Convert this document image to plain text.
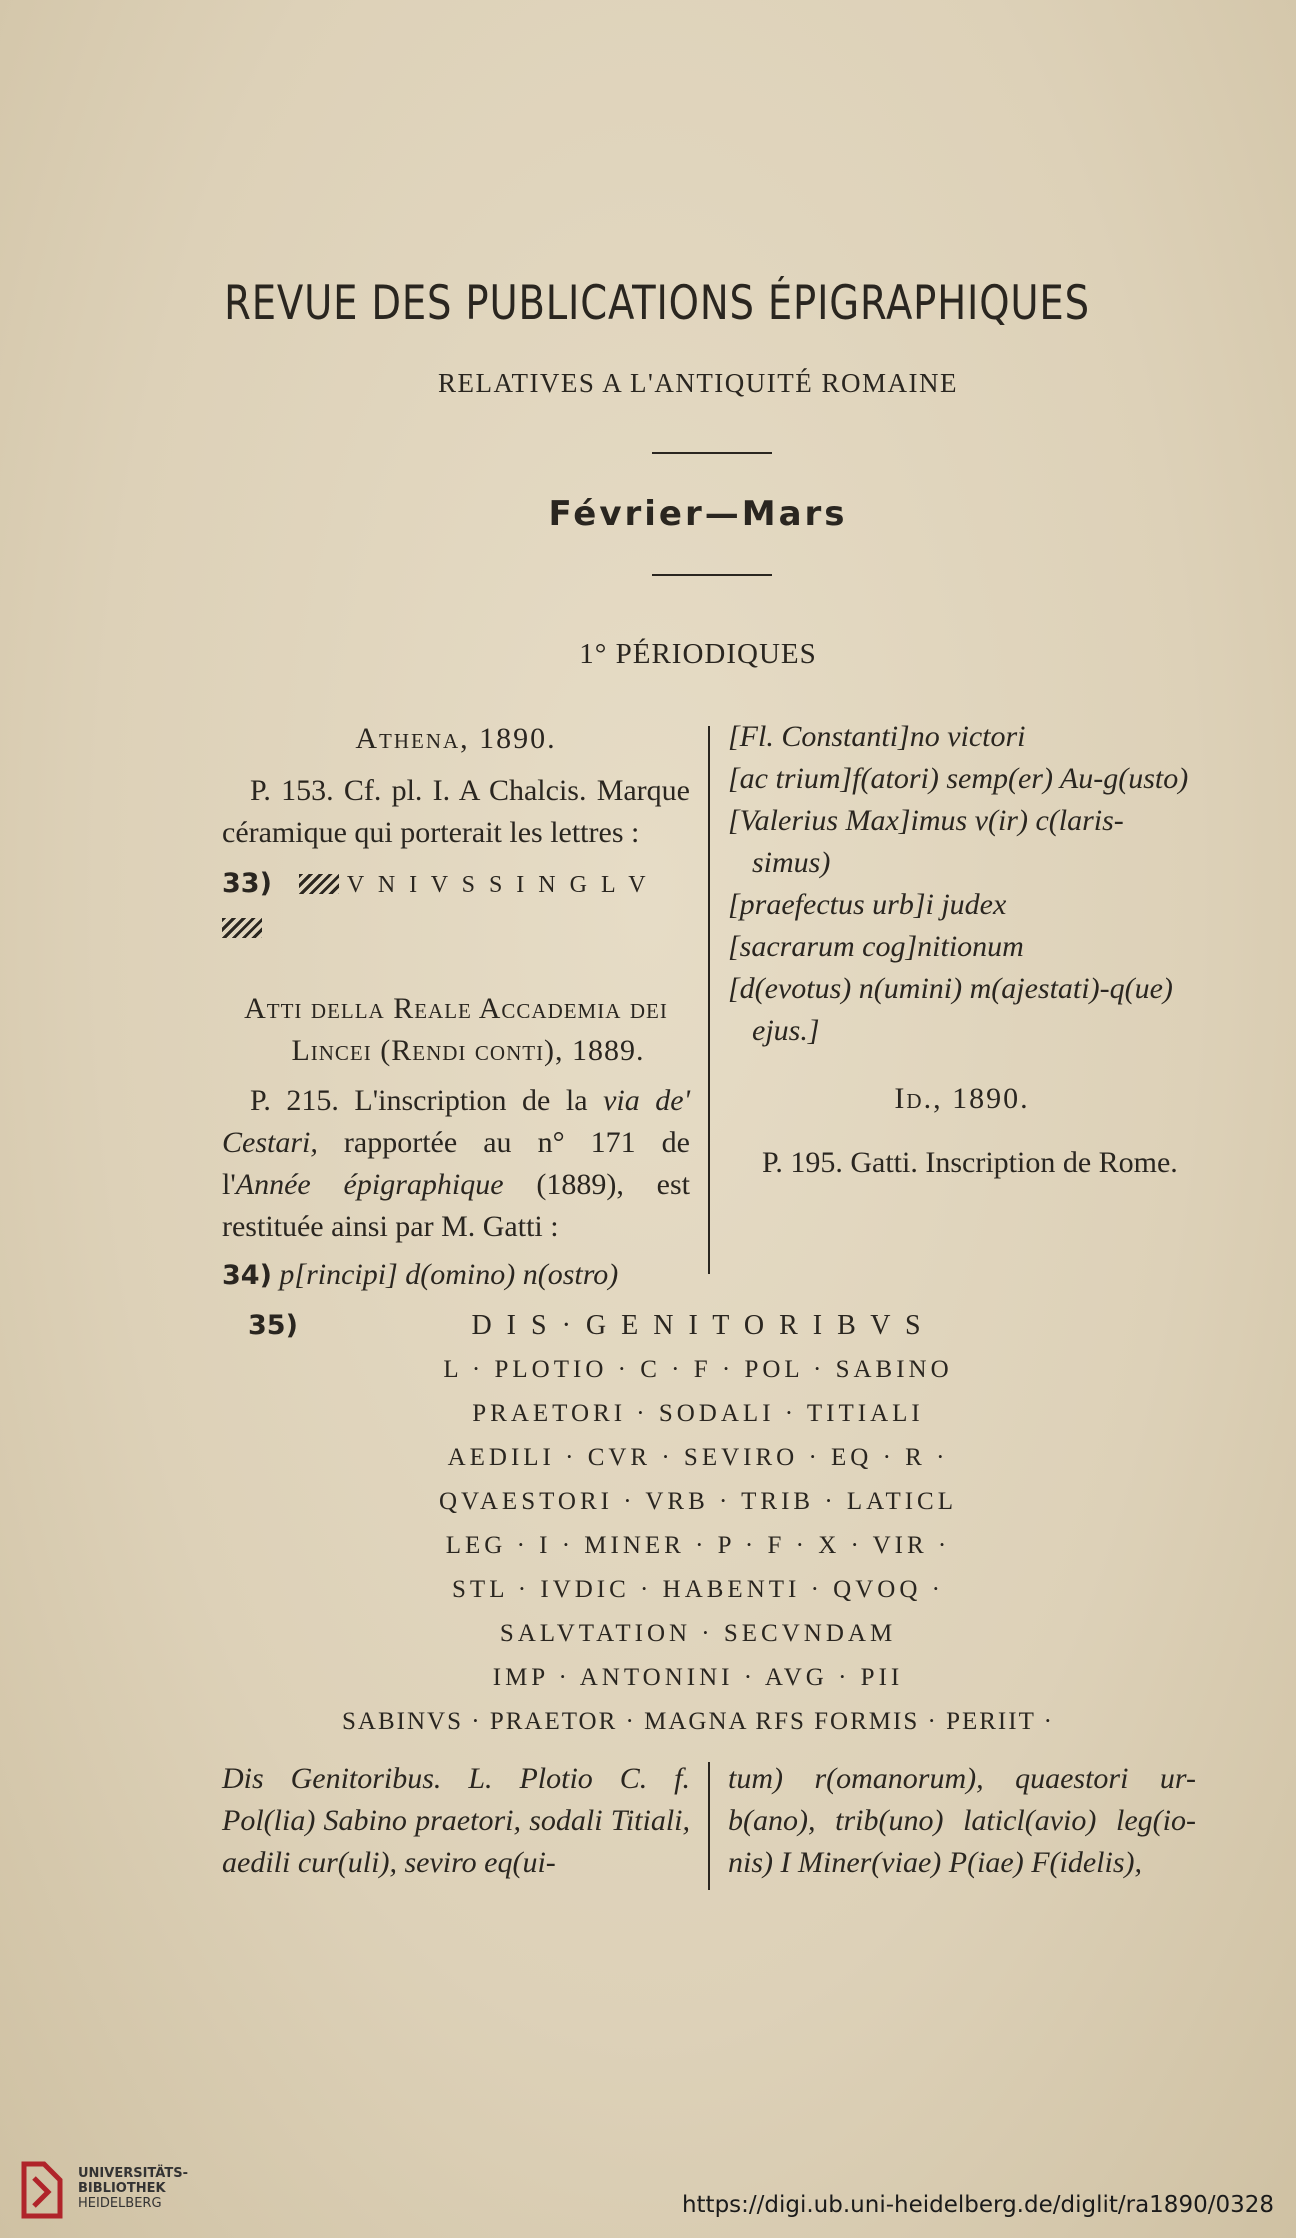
REVUE DES PUBLICATIONS ÉPIGRAPHIQUES
RELATIVES A L'ANTIQUITÉ ROMAINE
Février—Mars
1° PÉRIODIQUES
Athena, 1890.
P. 153. Cf. pl. I. A Chalcis. Marque céramique qui porterait les lettres :
33)	V N I V S S I N G L V
Atti della Reale Accademia dei Lincei (Rendi conti), 1889.
P. 215. L'inscription de la via de' Cestari, rapportée au n° 171 de l'Année épigraphique (1889), est restituée ainsi par M. Gatti :
34) p[rincipi] d(omino) n(ostro)
[Fl. Constanti]no victori
[ac trium]f(atori) semp(er) Au-g(usto)
[Valerius Max]imus v(ir) c(laris-simus)
[praefectus urb]i judex
[sacrarum cog]nitionum
[d(evotus) n(umini) m(ajestati)-q(ue) ejus.]
Id., 1890.
P. 195. Gatti. Inscription de Rome.
35)	D I S · G E N I T O R I B V S
L · PLOTIO · C · F · POL · SABINO
PRAETORI · SODALI · TITIALI
AEDILI · CVR · SEVIRO · EQ · R ·
QVAESTORI · VRB · TRIB · LATICL
LEG · I · MINER · P · F · X · VIR ·
STL · IVDIC · HABENTI · QVOQ ·
SALVTATION · SECVNDAM
IMP · ANTONINI · AVG · PII
SABINVS · PRAETOR · MAGNA RFS FORMIS · PERIIT ·
Dis Genitoribus. L. Plotio C. f. Pol(lia) Sabino praetori, sodali Titiali, aedili cur(uli), seviro eq(ui-
tum) r(omanorum), quaestori ur-b(ano), trib(uno) laticl(avio) leg(io-nis) I Miner(viae) P(iae) F(idelis),
UNIVERSITÄTS-
BIBLIOTHEK
HEIDELBERG	https://digi.ub.uni-heidelberg.de/diglit/ra1890/0328
